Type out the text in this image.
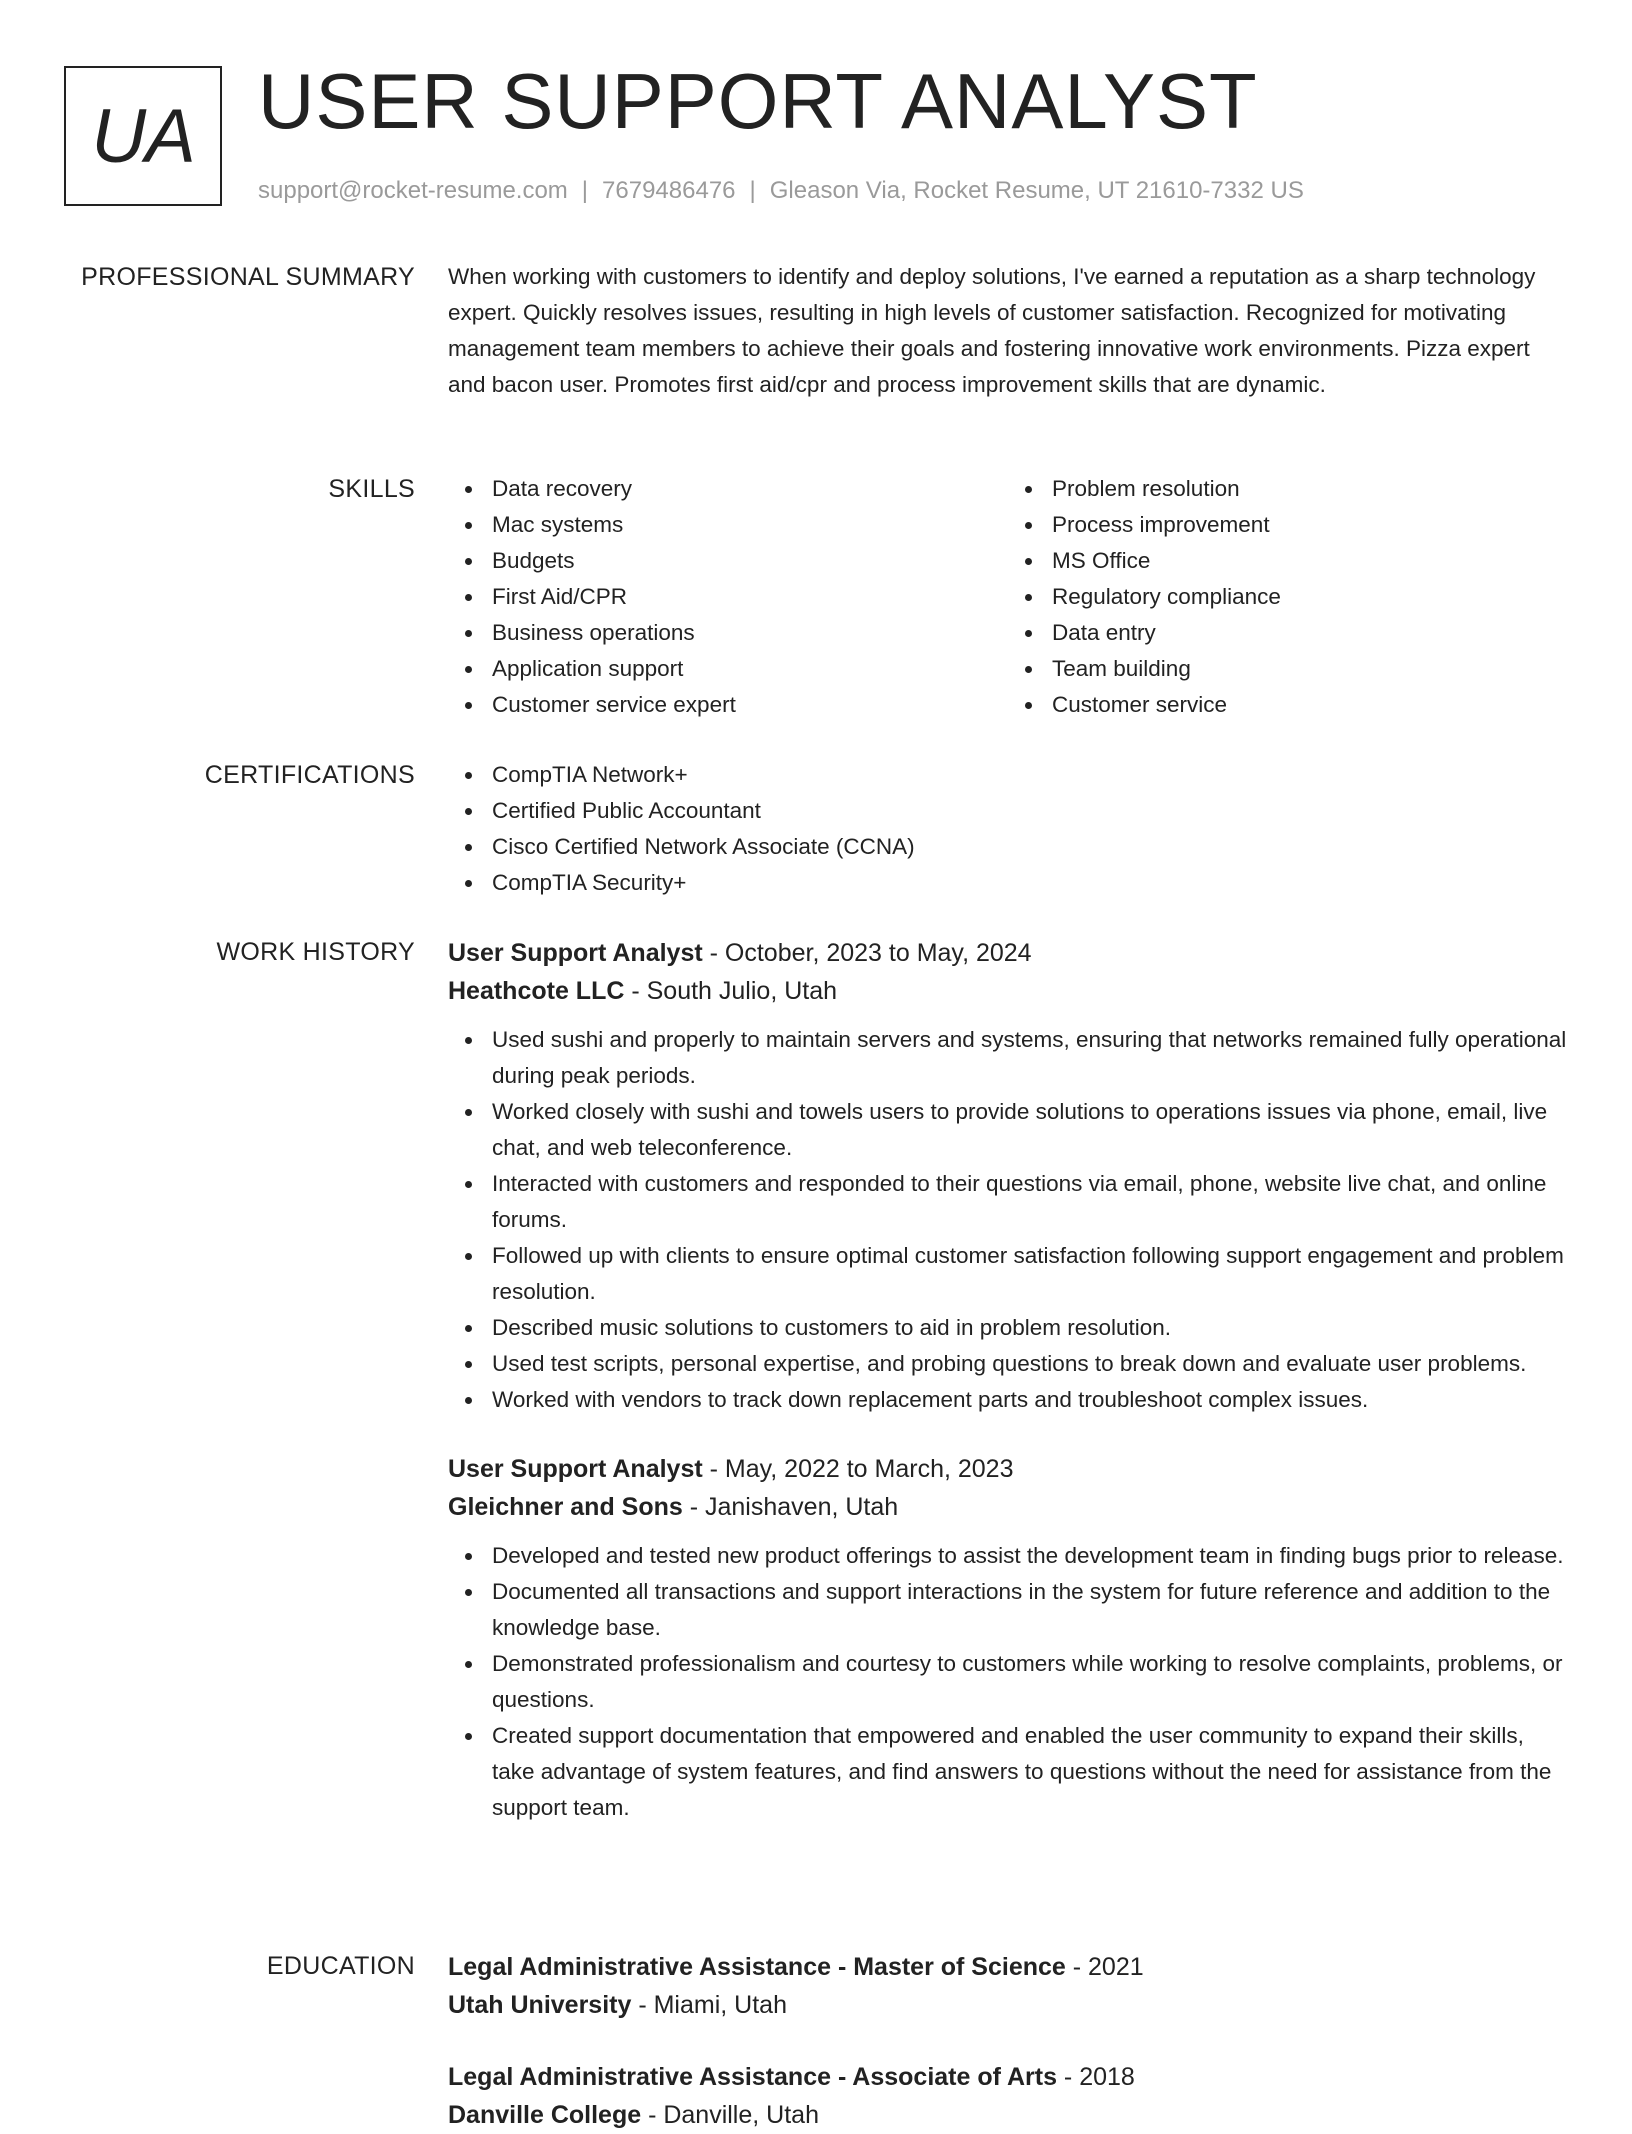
UA USER SUPPORT ANALYST
support@rocket-resume.com | 7679486476 | Gleason Via, Rocket Resume, UT 21610-7332 US
PROFESSIONAL SUMMARY When working with customers to identify and deploy solutions, I've earned a reputation as a sharp technology expert. Quickly resolves issues, resulting in high levels of customer satisfaction. Recognized for motivating management team members to achieve their goals and fostering innovative work environments. Pizza expert and bacon user. Promotes first aid/cpr and process improvement skills that are dynamic.

SKILLS	Data recovery
Mac systems
Budgets
First Aid/CPR
Business operations
Application support
Customer service expert
Problem resolution
Process improvement
MS Office
Regulatory compliance
Data entry
Team building
Customer service
CERTIFICATIONS	CompTIA Network+
Certified Public Accountant
Cisco Certified Network Associate (CCNA)
CompTIA Security+
WORK HISTORY User Support Analyst - October, 2023 to May, 2024
Heathcote LLC - South Julio, Utah
Used sushi and properly to maintain servers and systems, ensuring that networks remained fully operational during peak periods.
Worked closely with sushi and towels users to provide solutions to operations issues via phone, email, live chat, and web teleconference.
Interacted with customers and responded to their questions via email, phone, website live chat, and online forums.
Followed up with clients to ensure optimal customer satisfaction following support engagement and problem resolution.
Described music solutions to customers to aid in problem resolution.
Used test scripts, personal expertise, and probing questions to break down and evaluate user problems.
Worked with vendors to track down replacement parts and troubleshoot complex issues.
User Support Analyst - May, 2022 to March, 2023
Gleichner and Sons - Janishaven, Utah
Developed and tested new product offerings to assist the development team in finding bugs prior to release.
Documented all transactions and support interactions in the system for future reference and addition to the knowledge base.
Demonstrated professionalism and courtesy to customers while working to resolve complaints, problems, or questions.
Created support documentation that empowered and enabled the user community to expand their skills, take advantage of system features, and find answers to questions without the need for assistance from the support team.
EDUCATION Legal Administrative Assistance - Master of Science - 2021
Utah University - Miami, Utah
Legal Administrative Assistance - Associate of Arts - 2018
Danville College - Danville, Utah
